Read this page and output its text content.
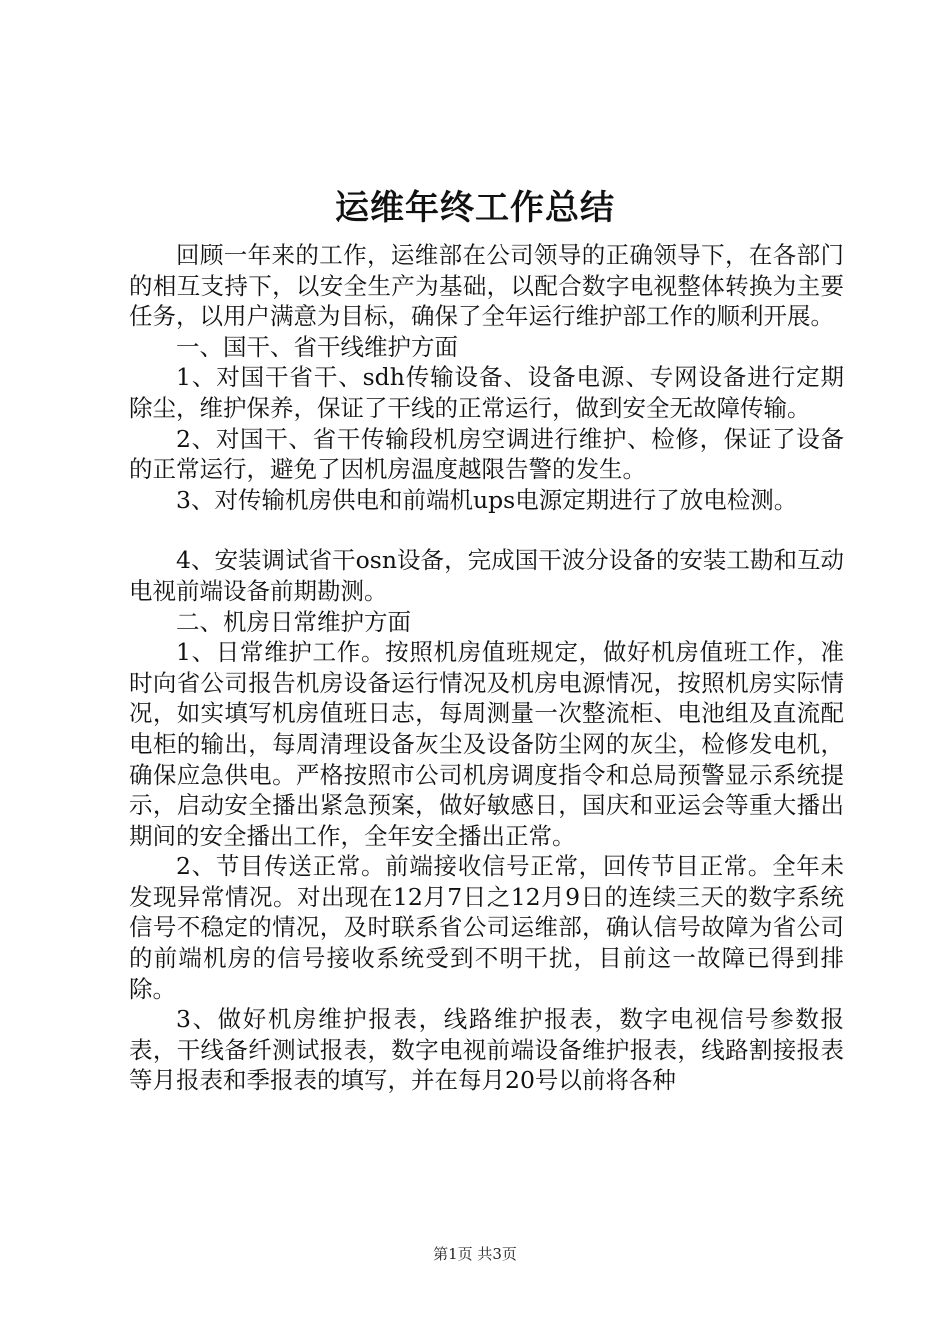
运维年终工作总结

回顾一年来的工作，运维部在公司领导的正确领导下，在各部门的相互支持下，以安全生产为基础，以配合数字电视整体转换为主要任务，以用户满意为目标，确保了全年运行维护部工作的顺利开展。

一、国干、省干线维护方面

1、对国干省干、sdh传输设备、设备电源、专网设备进行定期除尘，维护保养，保证了干线的正常运行，做到安全无故障传输。

2、对国干、省干传输段机房空调进行维护、检修，保证了设备的正常运行，避免了因机房温度越限告警的发生。

3、对传输机房供电和前端机ups电源定期进行了放电检测。

4、安装调试省干osn设备，完成国干波分设备的安装工勘和互动电视前端设备前期勘测。

二、机房日常维护方面

1、日常维护工作。按照机房值班规定，做好机房值班工作，准时向省公司报告机房设备运行情况及机房电源情况，按照机房实际情况，如实填写机房值班日志，每周测量一次整流柜、电池组及直流配电柜的输出，每周清理设备灰尘及设备防尘网的灰尘，检修发电机，确保应急供电。严格按照市公司机房调度指令和总局预警显示系统提示，启动安全播出紧急预案，做好敏感日，国庆和亚运会等重大播出期间的安全播出工作，全年安全播出正常。

2、节目传送正常。前端接收信号正常，回传节目正常。全年未发现异常情况。对出现在12月7日之12月9日的连续三天的数字系统信号不稳定的情况，及时联系省公司运维部，确认信号故障为省公司的前端机房的信号接收系统受到不明干扰，目前这一故障已得到排除。

3、做好机房维护报表，线路维护报表，数字电视信号参数报表，干线备纤测试报表，数字电视前端设备维护报表，线路割接报表等月报表和季报表的填写，并在每月20号以前将各种

第1页 共3页
